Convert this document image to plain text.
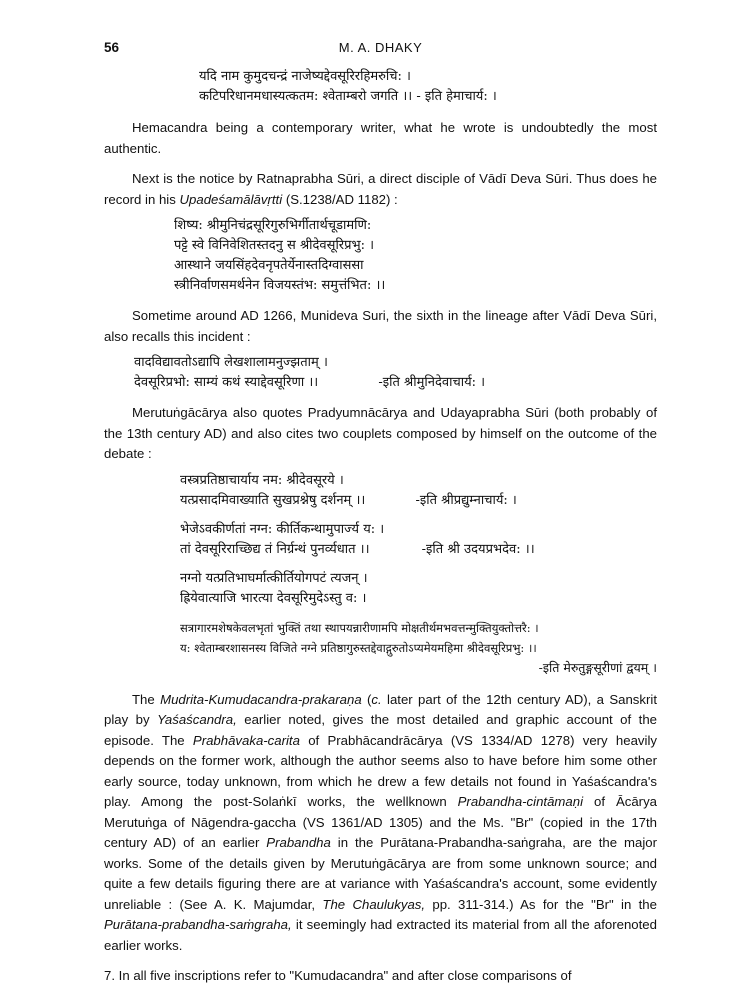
56	M. A. DHAKY

यदि नाम कुमुदचन्द्रं नाजेष्यद्देवसूरिरहिमरुचि: ।

कटिपरिधानमधास्यत्कतम: श्वेताम्बरो जगति ।। - इति हेमाचार्य: ।

Hemacandra being a contemporary writer, what he wrote is undoubtedly the most authentic.

Next is the notice by Ratnaprabha Sūri, a direct disciple of Vādī Deva Sūri. Thus does he record in his Upadeśamālāvṛtti (S.1238/AD 1182) :

शिष्य: श्रीमुनिचंद्रसूरिगुरुभिर्गीतार्थचूडामणि:

पट्टे स्वे विनिवेशितस्तदनु स श्रीदेवसूरिप्रभु: ।

आस्थाने जयसिंहदेवनृपतेर्येनास्तदिग्वाससा

स्त्रीनिर्वाणसमर्थनेन विजयस्तंभ: समुत्तंभित: ।।

Sometime around AD 1266, Munideva Suri, the sixth in the lineage after Vādī Deva Sūri, also recalls this incident :

वादविद्यावतोऽद्यापि लेखशालामनुज्झताम् ।

देवसूरिप्रभो: साम्यं कथं स्याद्देवसूरिणा ।।	-इति श्रीमुनिदेवाचार्य: ।

Merutuṅgācārya also quotes Pradyumnācārya and Udayaprabha Sūri (both probably of the 13th century AD) and also cites two couplets composed by himself on the outcome of the debate :

वस्त्रप्रतिष्ठाचार्याय नम: श्रीदेवसूरये ।

यत्प्रसादमिवाख्याति सुखप्रश्नेषु दर्शनम् ।।	-इति श्रीप्रद्युम्नाचार्य: ।

भेजेऽवकीर्णतां नग्न: कीर्तिकन्थामुपार्ज्य य: ।

तां देवसूरिराच्छिद्य तं निर्ग्रन्थं पुनर्व्यधात ।।	-इति श्री उदयप्रभदेव: ।।

नग्नो यत्प्रतिभाघर्मात्कीर्तियोगपटं त्यजन् ।

ह्रियेवात्याजि भारत्या देवसूरिमुदेऽस्तु व: ।

सत्रागारमशेषकेवलभृतां भुक्तिं तथा स्थापयन्नारीणामपि मोक्षतीर्थमभवत्तन्मुक्तियुक्तोत्तरै: ।

य: श्वेताम्बरशासनस्य विजिते नग्ने प्रतिष्ठागुरुस्तद्देवाद्गुरुतोऽप्यमेयमहिमा श्रीदेवसूरिप्रभु: ।।

-इति मेरुतुङ्गसूरीणां द्वयम् ।

The Mudrita-Kumudacandra-prakaraṇa (c. later part of the 12th century AD), a Sanskrit play by Yaśaścandra, earlier noted, gives the most detailed and graphic account of the episode. The Prabhāvaka-carita of Prabhācandrācārya (VS 1334/AD 1278) very heavily depends on the former work, although the author seems also to have before him some other early source, today unknown, from which he drew a few details not found in Yaśaścandra's play. Among the post-Solaṅkī works, the wellknown Prabandha-cintāmaṇi of Ācārya Merutuṅga of Nāgendra-gaccha (VS 1361/AD 1305) and the Ms. "Br" (copied in the 17th century AD) of an earlier Prabandha in the Purātana-Prabandha-saṅgraha, are the major works. Some of the details given by Merutuṅgācārya are from some unknown source; and quite a few details figuring there are at variance with Yaśaścandra's account, some evidently unreliable : (See A. K. Majumdar, The Chaulukyas, pp. 311-314.) As for the "Br" in the Purātana-prabandha-saṁgraha, it seemingly had extracted its material from all the aforenoted earlier works.

7. In all five inscriptions refer to "Kumudacandra" and after close comparisons of
